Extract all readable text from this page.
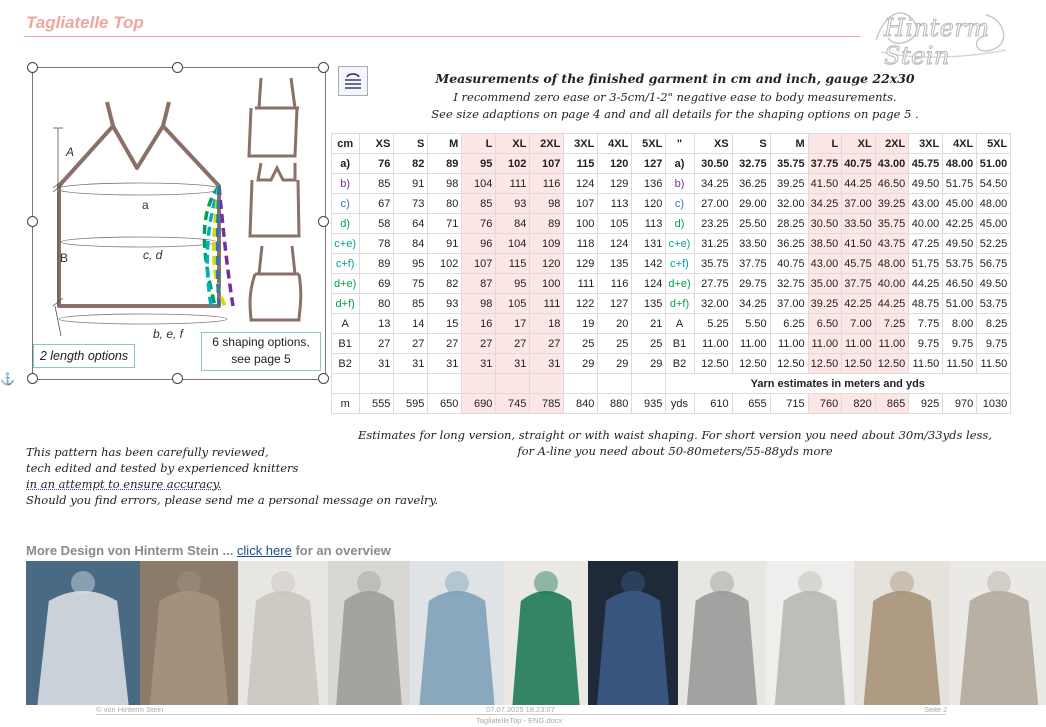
Tagliatelle Top	Hinterm Stein
A
B
a
c, d
b, e, f
2 length options
6 shaping options,
see page 5
⚓
Measurements of the finished garment in cm and inch, gauge 22x30
I recommend zero ease or 3-5cm/1-2" negative ease to body measurements.
See size adaptions on page 4 and and all details for the shaping options on page 5 .
cm	XS	S	M	L	XL	2XL	3XL	4XL	5XL	"	XS	S	M	L	XL	2XL	3XL	4XL	5XL
a)	76	82	89	95	102	107	115	120	127	a)	30.50	32.75	35.75	37.75	40.75	43.00	45.75	48.00	51.00
b)	85	91	98	104	111	116	124	129	136	b)	34.25	36.25	39.25	41.50	44.25	46.50	49.50	51.75	54.50
c)	67	73	80	85	93	98	107	113	120	c)	27.00	29.00	32.00	34.25	37.00	39.25	43.00	45.00	48.00
d)	58	64	71	76	84	89	100	105	113	d)	23.25	25.50	28.25	30.50	33.50	35.75	40.00	42.25	45.00
c+e)	78	84	91	96	104	109	118	124	131	c+e)	31.25	33.50	36.25	38.50	41.50	43.75	47.25	49.50	52.25
c+f)	89	95	102	107	115	120	129	135	142	c+f)	35.75	37.75	40.75	43.00	45.75	48.00	51.75	53.75	56.75
d+e)	69	75	82	87	95	100	111	116	124	d+e)	27.75	29.75	32.75	35.00	37.75	40.00	44.25	46.50	49.50
d+f)	80	85	93	98	105	111	122	127	135	d+f)	32.00	34.25	37.00	39.25	42.25	44.25	48.75	51.00	53.75
A	13	14	15	16	17	18	19	20	21	A	5.25	5.50	6.25	6.50	7.00	7.25	7.75	8.00	8.25
B1	27	27	27	27	27	27	25	25	25	B1	11.00	11.00	11.00	11.00	11.00	11.00	9.75	9.75	9.75
B2	31	31	31	31	31	31	29	29	29	B2	12.50	12.50	12.50	12.50	12.50	12.50	11.50	11.50	11.50
										Yarn estimates in meters and yds									
m	555	595	650	690	745	785	840	880	935	yds	610	655	715	760	820	865	925	970	1030
Estimates for long version, straight or with waist shaping. For short version you need about 30m/33yds less,
for A-line you need about 50-80meters/55-88yds more
This pattern has been carefully reviewed,
tech edited and tested by experienced knitters
in an attempt to ensure accuracy.
Should you find errors, please send me a personal message on ravelry.
More Design von Hinterm Stein ... click here for an overview
© von Hinterm Stein	07.07.2025 18:23:07
TagliatelleTop - ENG.docx
Seite 2
